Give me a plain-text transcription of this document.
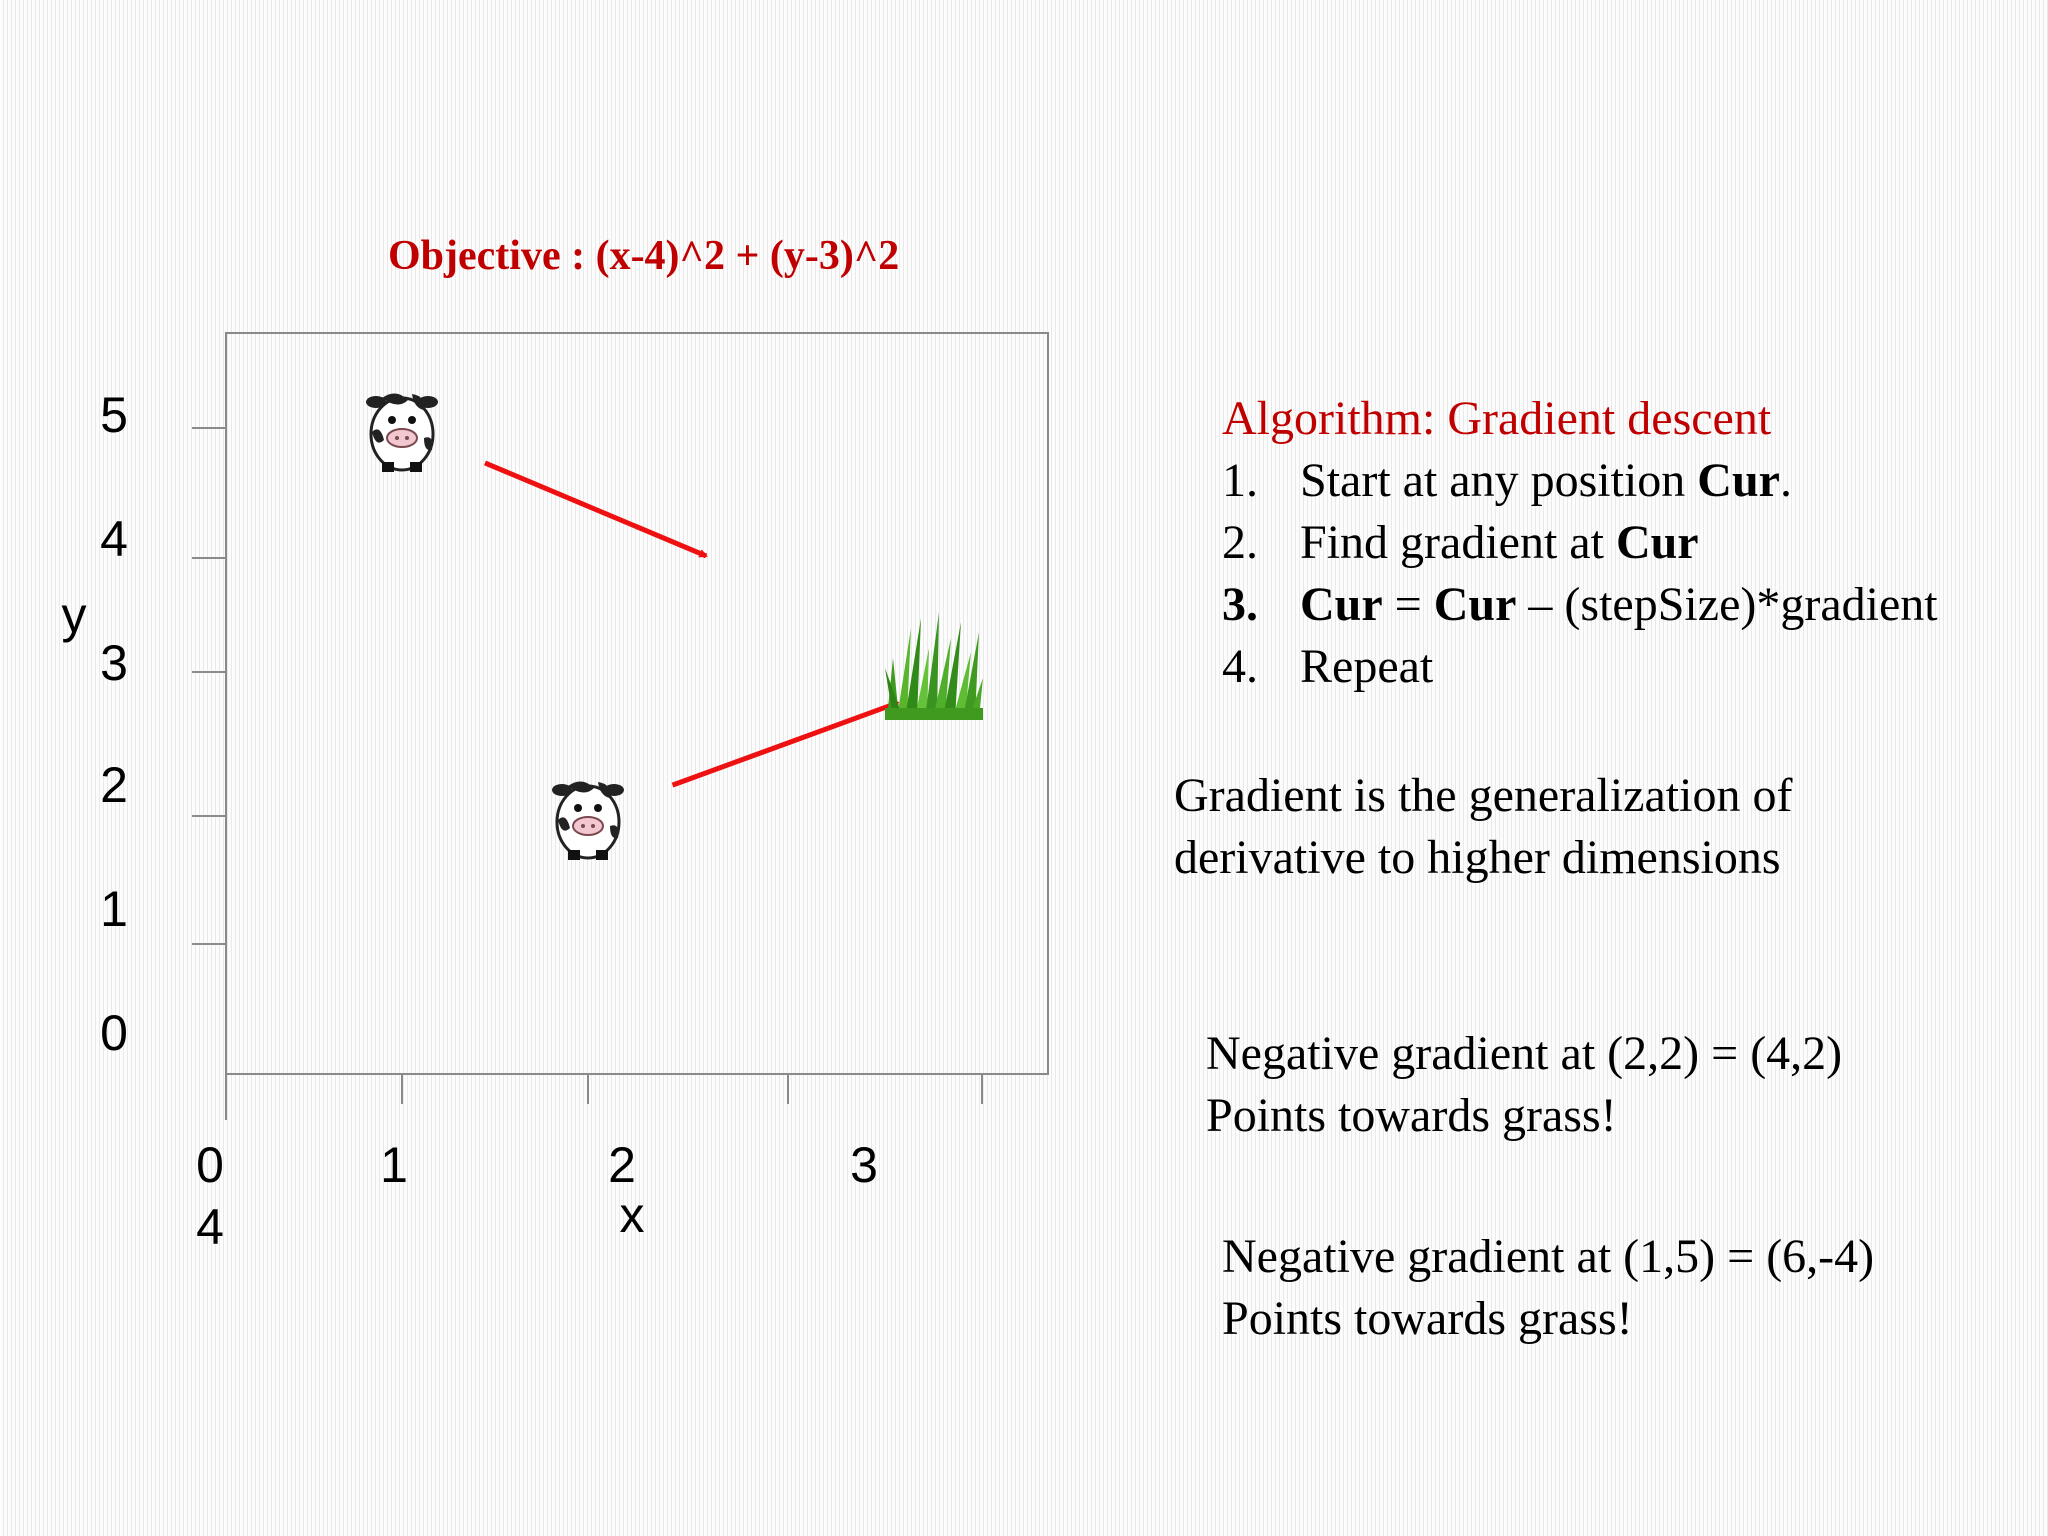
Objective : (x-4)^2 + (y-3)^2
0	1	2	3
4
0
1
2
3
4
5
x
y
Algorithm: Gradient descent
1. Start at any position Cur.
2. Find gradient at Cur
3. Cur = Cur – (stepSize)*gradient
4. Repeat
Gradient is the generalization of
derivative to higher dimensions
Negative gradient at (2,2) = (4,2)
Points towards grass!
Negative gradient at (1,5) = (6,-4)
Points towards grass!
